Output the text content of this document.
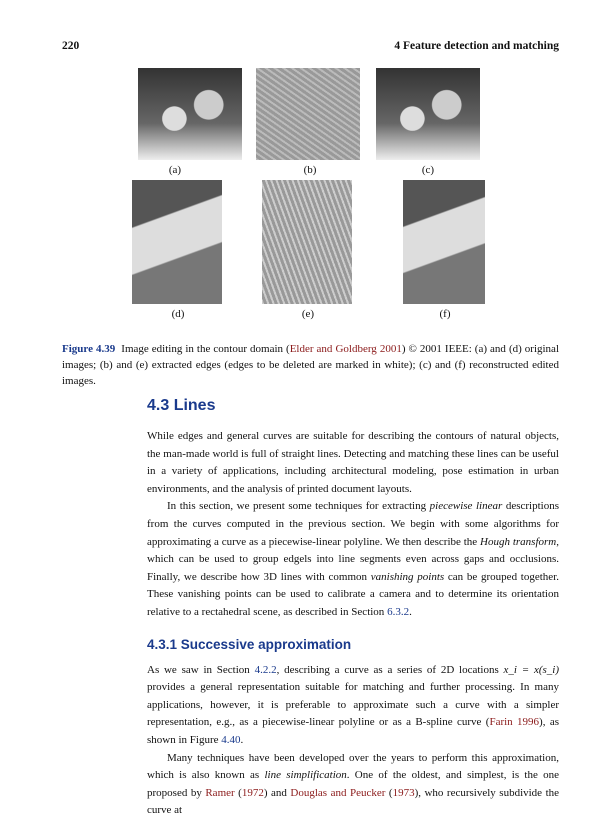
220	4 Feature detection and matching
(a)	(b)	(c)
(d)	(e)	(f)
Figure 4.39 Image editing in the contour domain (Elder and Goldberg 2001) © 2001 IEEE: (a) and (d) original images; (b) and (e) extracted edges (edges to be deleted are marked in white); (c) and (f) reconstructed edited images.
4.3 Lines
While edges and general curves are suitable for describing the contours of natural objects, the man-made world is full of straight lines. Detecting and matching these lines can be useful in a variety of applications, including architectural modeling, pose estimation in urban environments, and the analysis of printed document layouts.
In this section, we present some techniques for extracting piecewise linear descriptions from the curves computed in the previous section. We begin with some algorithms for approximating a curve as a piecewise-linear polyline. We then describe the Hough transform, which can be used to group edgels into line segments even across gaps and occlusions. Finally, we describe how 3D lines with common vanishing points can be grouped together. These vanishing points can be used to calibrate a camera and to determine its orientation relative to a rectahedral scene, as described in Section 6.3.2.
4.3.1 Successive approximation
As we saw in Section 4.2.2, describing a curve as a series of 2D locations x_i = x(s_i) provides a general representation suitable for matching and further processing. In many applications, however, it is preferable to approximate such a curve with a simpler representation, e.g., as a piecewise-linear polyline or as a B-spline curve (Farin 1996), as shown in Figure 4.40.
Many techniques have been developed over the years to perform this approximation, which is also known as line simplification. One of the oldest, and simplest, is the one proposed by Ramer (1972) and Douglas and Peucker (1973), who recursively subdivide the curve at
